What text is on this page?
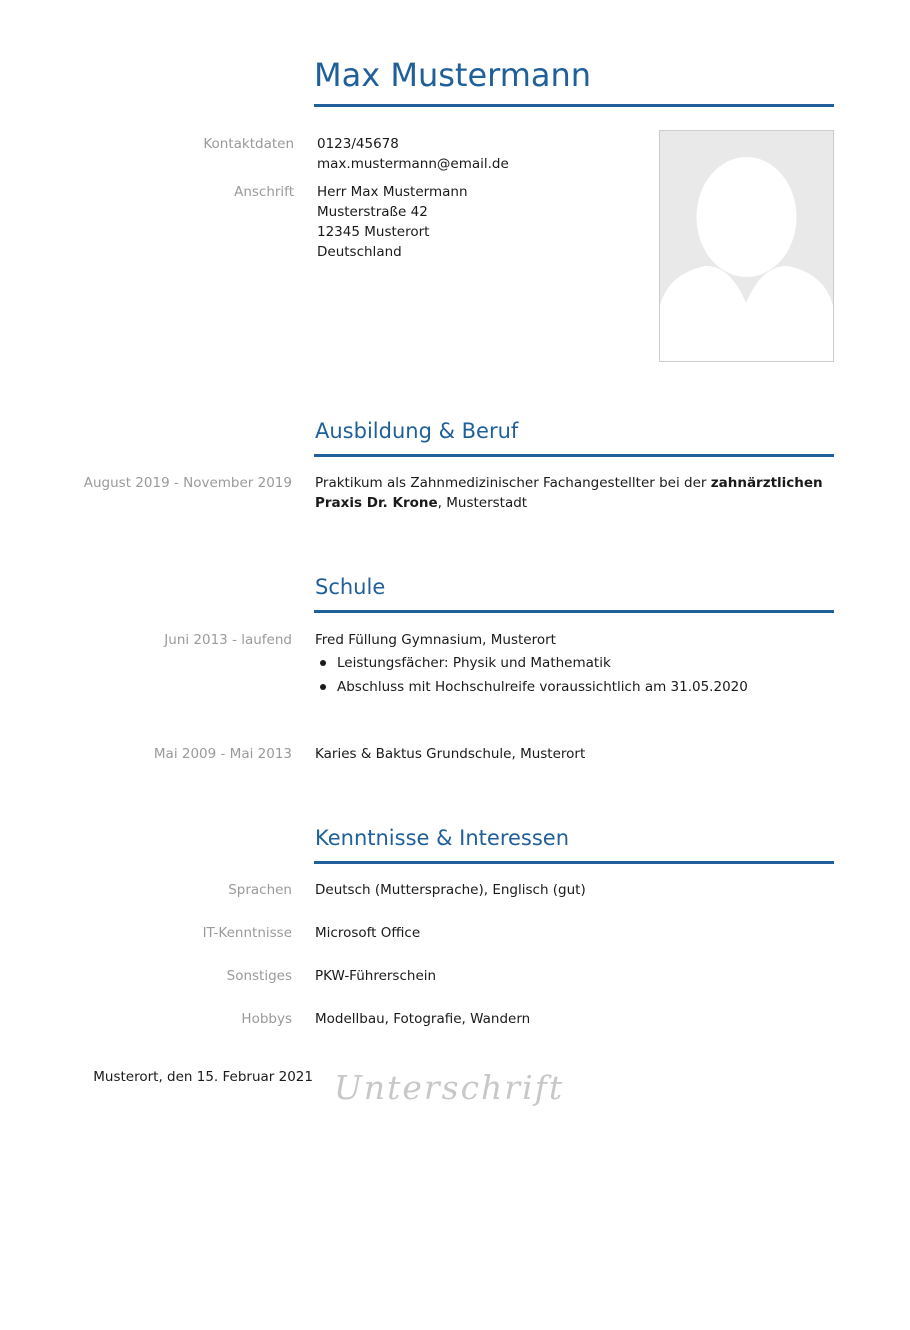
Max Mustermann
Kontaktdaten 0123/45678
max.mustermann@email.de
Anschrift Herr Max Mustermann
Musterstraße 42
12345 Musterort
Deutschland
Ausbildung & Beruf
August 2019 - November 2019 Praktikum als Zahnmedizinischer Fachangestellter bei der zahnärztlichen
Praxis Dr. Krone, Musterstadt
Schule
Juni 2013 - laufend Fred Füllung Gymnasium, Musterort
Leistungsfächer: Physik und Mathematik
Abschluss mit Hochschulreife voraussichtlich am 31.05.2020
Mai 2009 - Mai 2013 Karies & Baktus Grundschule, Musterort
Kenntnisse & Interessen
Sprachen Deutsch (Muttersprache), Englisch (gut)
IT-Kenntnisse Microsoft Office
Sonstiges PKW-Führerschein
Hobbys Modellbau, Fotografie, Wandern
Musterort, den 15. Februar 2021 Unterschrift
